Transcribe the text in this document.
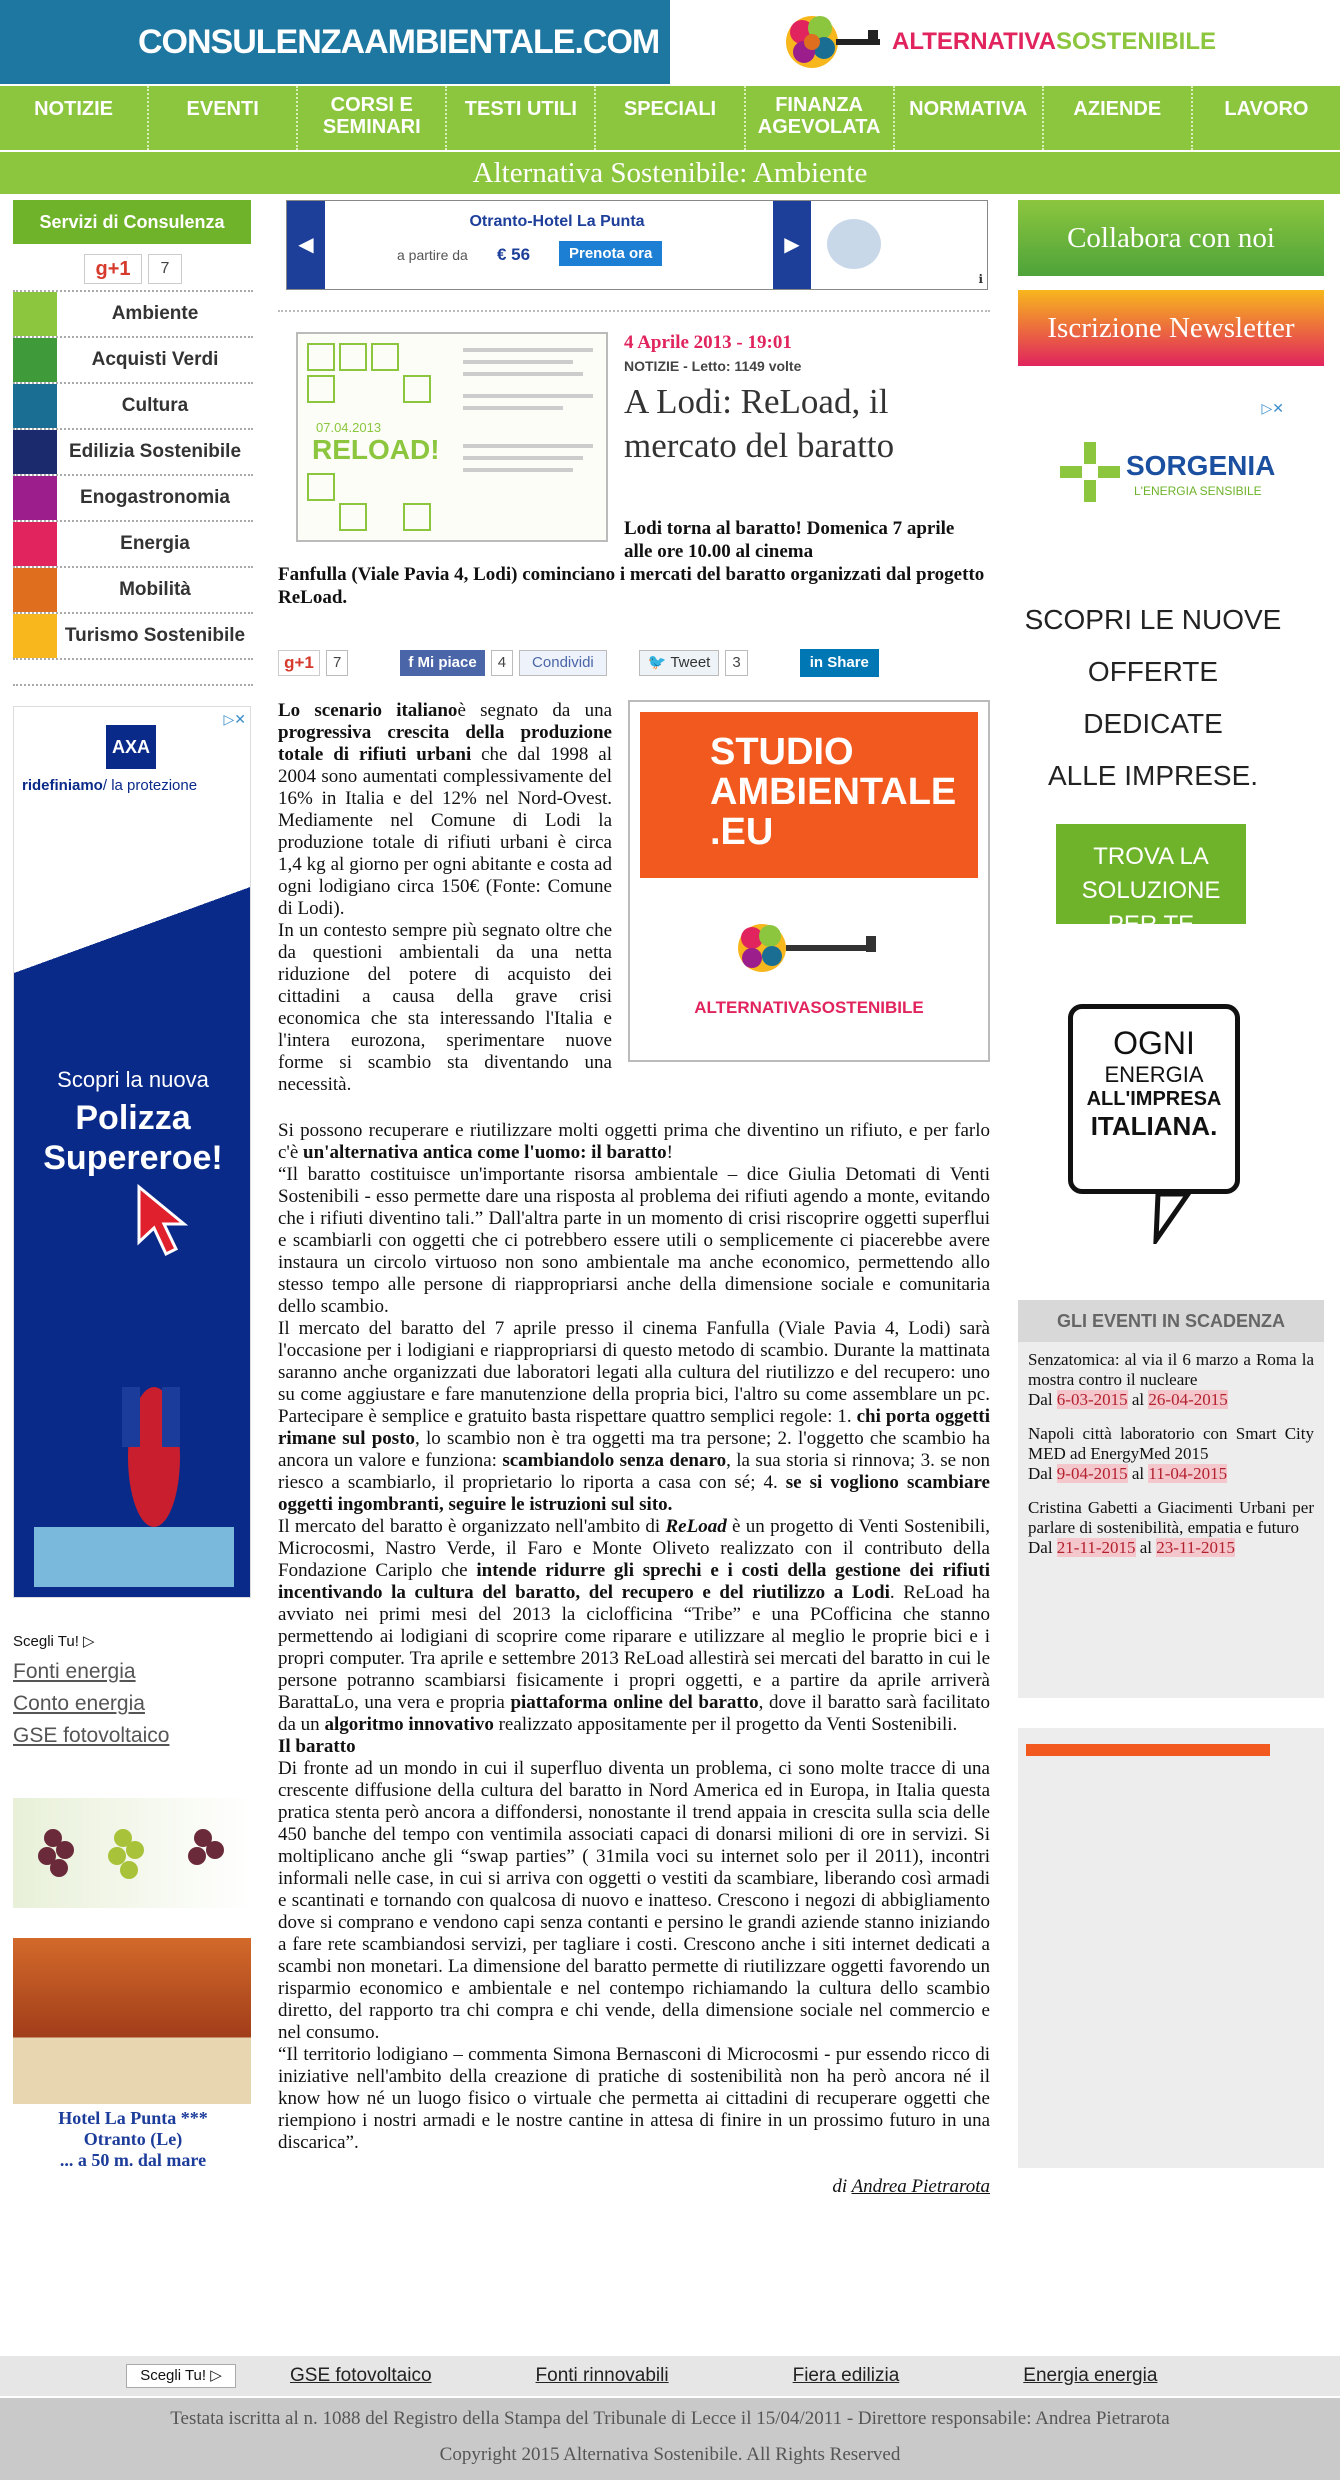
CONSULENZAAMBIENTALE.COM	ALTERNATIVA SOSTENIBILE
NOTIZIE	EVENTI	CORSI E SEMINARI
TESTI UTILI	SPECIALI	FINANZA AGEVOLATA
NORMATIVA	AZIENDE	LAVORO
Alternativa Sostenibile: Ambiente
Servizi di Consulenza
g+1	7
Ambiente
Acquisti Verdi
Cultura
Edilizia Sostenibile
Enogastronomia
Energia
Mobilità
Turismo Sostenibile
▷✕
AXA
ridefiniamo/ la protezione
Scopri la nuova
Polizza
Supereroe!
Scegli Tu! ▷
Fonti energia
Conto energia
GSE fotovoltaico
Hotel La Punta ***
Otranto (Le)
... a 50 m. dal mare
◀	▶
Otranto-Hotel La Punta
a partire da € 56	Prenota ora
ℹ
07.04.2013
RELOAD!
4 Aprile 2013 - 19:01
NOTIZIE - Letto: 1149 volte
A Lodi: ReLoad, il mercato del baratto
Lodi torna al baratto! Domenica 7 aprile alle ore 10.00 al cinema
Fanfulla (Viale Pavia 4, Lodi) cominciano i mercati del baratto organizzati dal progetto ReLoad.
g+1	7	f Mi piace	4	Condividi	🐦 Tweet	3	in Share
STUDIO
AMBIENTALE
.EU
ALTERNATIVASOSTENIBILE

Lo scenario italianoè segnato da una progressiva crescita della produzione totale di rifiuti urbani che dal 1998 al 2004 sono aumentati complessivamente del 16% in Italia e del 12% nel Nord-Ovest. Mediamente nel Comune di Lodi la produzione totale di rifiuti urbani è circa 1,4 kg al giorno per ogni abitante e costa ad ogni lodigiano circa 150€ (Fonte: Comune di Lodi).

In un contesto sempre più segnato oltre che da questioni ambientali da una netta riduzione del potere di acquisto dei cittadini a causa della grave crisi economica che sta interessando l'Italia e l'intera eurozona, sperimentare nuove forme si scambio sta diventando una necessità.

Si possono recuperare e riutilizzare molti oggetti prima che diventino un rifiuto, e per farlo c'è un'alternativa antica come l'uomo: il baratto!

“Il baratto costituisce un'importante risorsa ambientale – dice Giulia Detomati di Venti Sostenibili - esso permette dare una risposta al problema dei rifiuti agendo a monte, evitando che i rifiuti diventino tali.” Dall'altra parte in un momento di crisi riscoprire oggetti superflui e scambiarli con oggetti che ci potrebbero essere utili o semplicemente ci piacerebbe avere instaura un circolo virtuoso non sono ambientale ma anche economico, permettendo allo stesso tempo alle persone di riappropriarsi anche della dimensione sociale e comunitaria dello scambio.

Il mercato del baratto del 7 aprile presso il cinema Fanfulla (Viale Pavia 4, Lodi) sarà l'occasione per i lodigiani e riappropriarsi di questo metodo di scambio. Durante la mattinata saranno anche organizzati due laboratori legati alla cultura del riutilizzo e del recupero: uno su come aggiustare e fare manutenzione della propria bici, l'altro su come assemblare un pc. Partecipare è semplice e gratuito basta rispettare quattro semplici regole: 1. chi porta oggetti rimane sul posto, lo scambio non è tra oggetti ma tra persone; 2. l'oggetto che scambio ha ancora un valore e funziona: scambiandolo senza denaro, la sua storia si rinnova; 3. se non riesco a scambiarlo, il proprietario lo riporta a casa con sé; 4. se si vogliono scambiare oggetti ingombranti, seguire le istruzioni sul sito.

Il mercato del baratto è organizzato nell'ambito di ReLoad è un progetto di Venti Sostenibili, Microcosmi, Nastro Verde, il Faro e Monte Oliveto realizzato con il contributo della Fondazione Cariplo che intende ridurre gli sprechi e i costi della gestione dei rifiuti incentivando la cultura del baratto, del recupero e del riutilizzo a Lodi. ReLoad ha avviato nei primi mesi del 2013 la ciclofficina “Tribe” e una PCofficina che stanno permettendo ai lodigiani di scoprire come riparare e utilizzare al meglio le proprie bici e i propri computer. Tra aprile e settembre 2013 ReLoad allestirà sei mercati del baratto in cui le persone potranno scambiarsi fisicamente i propri oggetti, e a partire da aprile arriverà BarattaLo, una vera e propria piattaforma online del baratto, dove il baratto sarà facilitato da un algoritmo innovativo realizzato appositamente per il progetto da Venti Sostenibili.

Il baratto

Di fronte ad un mondo in cui il superfluo diventa un problema, ci sono molte tracce di una crescente diffusione della cultura del baratto in Nord America ed in Europa, in Italia questa pratica stenta però ancora a diffondersi, nonostante il trend appaia in crescita sulla scia delle 450 banche del tempo con ventimila associati capaci di donarsi milioni di ore in servizi. Si moltiplicano anche gli “swap parties” ( 31mila voci su internet solo per il 2011), incontri informali nelle case, in cui si arriva con oggetti o vestiti da scambiare, liberando così armadi e scantinati e tornando con qualcosa di nuovo e inatteso. Crescono i negozi di abbigliamento dove si comprano e vendono capi senza contanti e persino le grandi aziende stanno iniziando a fare rete scambiandosi servizi, per tagliare i costi. Crescono anche i siti internet dedicati a scambi non monetari. La dimensione del baratto permette di riutilizzare oggetti favorendo un risparmio economico e ambientale e nel contempo richiamando la cultura dello scambio diretto, del rapporto tra chi compra e chi vende, della dimensione sociale nel commercio e nel consumo.

“Il territorio lodigiano – commenta Simona Bernasconi di Microcosmi - pur essendo ricco di iniziative nell'ambito della creazione di pratiche di sostenibilità non ha però ancora né il know how né un luogo fisico o virtuale che permetta ai cittadini di recuperare oggetti che riempiono i nostri armadi e le nostre cantine in attesa di finire in un prossimo futuro in una discarica”.

di Andrea Pietrarota

Collabora con noi
Iscrizione Newsletter
▷✕
SORGENIA
L'ENERGIA SENSIBILE
SCOPRI LE NUOVE
OFFERTE DEDICATE
ALLE IMPRESE.
TROVA LA
SOLUZIONE PER TE
OGNI
ENERGIA
ALL'IMPRESA
ITALIANA.
GLI EVENTI IN SCADENZA
Senzatomica: al via il 6 marzo a Roma la mostra contro il nucleare
Dal 6-03-2015 al 26-04-2015
Napoli città laboratorio con Smart City MED ad EnergyMed 2015
Dal 9-04-2015 al 11-04-2015
Cristina Gabetti a Giacimenti Urbani per parlare di sostenibilità, empatia e futuro
Dal 21-11-2015 al 23-11-2015
Scegli Tu! ▷	GSE fotovoltaico	Fonti rinnovabili	Fiera edilizia	Energia energia
Testata iscritta al n. 1088 del Registro della Stampa del Tribunale di Lecce il 15/04/2011 - Direttore responsabile: Andrea Pietrarota
Copyright 2015 Alternativa Sostenibile. All Rights Reserved
